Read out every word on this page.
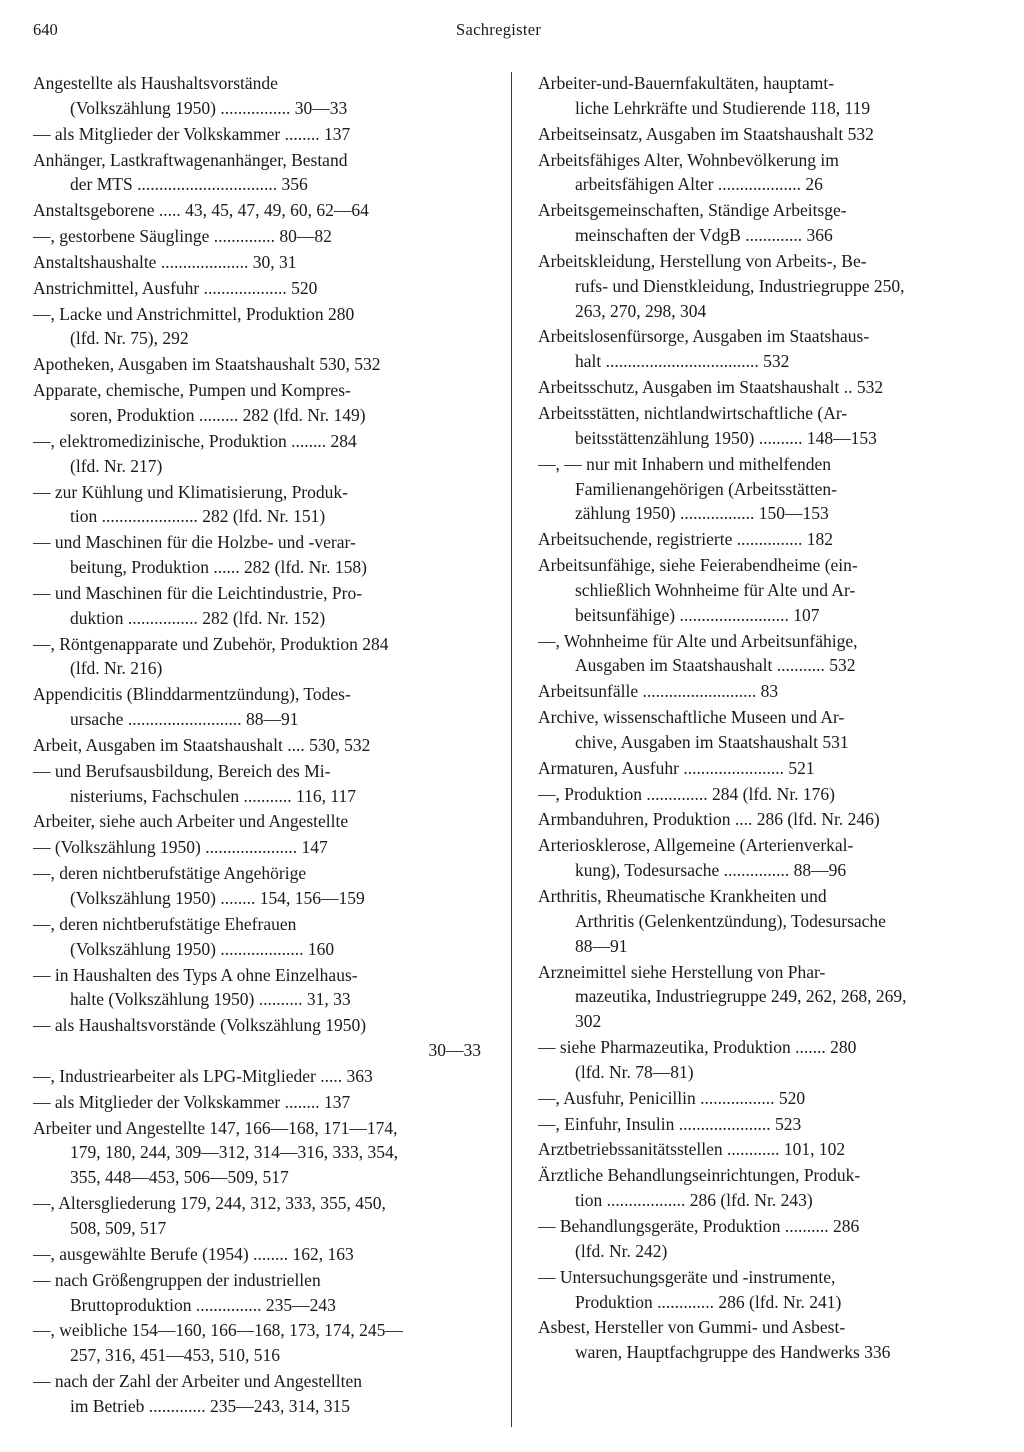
640	Sachregister
Angestellte als Haushaltsvorstände
(Volkszählung 1950) ................ 30—33
— als Mitglieder der Volkskammer ........ 137
Anhänger, Lastkraftwagenanhänger, Bestand
der MTS ................................ 356
Anstaltsgeborene ..... 43, 45, 47, 49, 60, 62—64
—, gestorbene Säuglinge .............. 80—82
Anstaltshaushalte .................... 30, 31
Anstrichmittel, Ausfuhr ................... 520
—, Lacke und Anstrichmittel, Produktion 280
(lfd. Nr. 75), 292
Apotheken, Ausgaben im Staatshaushalt 530, 532
Apparate, chemische, Pumpen und Kompres-
soren, Produktion ......... 282 (lfd. Nr. 149)
—, elektromedizinische, Produktion ........ 284
(lfd. Nr. 217)
— zur Kühlung und Klimatisierung, Produk-
tion ...................... 282 (lfd. Nr. 151)
— und Maschinen für die Holzbe- und -verar-
beitung, Produktion ...... 282 (lfd. Nr. 158)
— und Maschinen für die Leichtindustrie, Pro-
duktion ................ 282 (lfd. Nr. 152)
—, Röntgenapparate und Zubehör, Produktion 284
(lfd. Nr. 216)
Appendicitis (Blinddarmentzündung), Todes-
ursache .......................... 88—91
Arbeit, Ausgaben im Staatshaushalt .... 530, 532
— und Berufsausbildung, Bereich des Mi-
nisteriums, Fachschulen ........... 116, 117
Arbeiter, siehe auch Arbeiter und Angestellte
— (Volkszählung 1950) ..................... 147
—, deren nichtberufstätige Angehörige
(Volkszählung 1950) ........ 154, 156—159
—, deren nichtberufstätige Ehefrauen
(Volkszählung 1950) ................... 160
— in Haushalten des Typs A ohne Einzelhaus-
halte (Volkszählung 1950) .......... 31, 33
— als Haushaltsvorstände (Volkszählung 1950)
30—33
—, Industriearbeiter als LPG-Mitglieder ..... 363
— als Mitglieder der Volkskammer ........ 137
Arbeiter und Angestellte 147, 166—168, 171—174,
179, 180, 244, 309—312, 314—316, 333, 354,
355, 448—453, 506—509, 517
—, Altersgliederung 179, 244, 312, 333, 355, 450,
508, 509, 517
—, ausgewählte Berufe (1954) ........ 162, 163
— nach Größengruppen der industriellen
Bruttoproduktion ............... 235—243
—, weibliche 154—160, 166—168, 173, 174, 245—
257, 316, 451—453, 510, 516
— nach der Zahl der Arbeiter und Angestellten
im Betrieb ............. 235—243, 314, 315
Arbeiter-und-Bauernfakultäten, hauptamt-
liche Lehrkräfte und Studierende 118, 119
Arbeitseinsatz, Ausgaben im Staatshaushalt 532
Arbeitsfähiges Alter, Wohnbevölkerung im
arbeitsfähigen Alter ................... 26
Arbeitsgemeinschaften, Ständige Arbeitsge-
meinschaften der VdgB ............. 366
Arbeitskleidung, Herstellung von Arbeits-, Be-
rufs- und Dienstkleidung, Industriegruppe 250,
263, 270, 298, 304
Arbeitslosenfürsorge, Ausgaben im Staatshaus-
halt ................................... 532
Arbeitsschutz, Ausgaben im Staatshaushalt .. 532
Arbeitsstätten, nichtlandwirtschaftliche (Ar-
beitsstättenzählung 1950) .......... 148—153
—, — nur mit Inhabern und mithelfenden
Familienangehörigen (Arbeitsstätten-
zählung 1950) ................. 150—153
Arbeitsuchende, registrierte ............... 182
Arbeitsunfähige, siehe Feierabendheime (ein-
schließlich Wohnheime für Alte und Ar-
beitsunfähige) ......................... 107
—, Wohnheime für Alte und Arbeitsunfähige,
Ausgaben im Staatshaushalt ........... 532
Arbeitsunfälle .......................... 83
Archive, wissenschaftliche Museen und Ar-
chive, Ausgaben im Staatshaushalt 531
Armaturen, Ausfuhr ....................... 521
—, Produktion .............. 284 (lfd. Nr. 176)
Armbanduhren, Produktion .... 286 (lfd. Nr. 246)
Arteriosklerose, Allgemeine (Arterienverkal-
kung), Todesursache ............... 88—96
Arthritis, Rheumatische Krankheiten und
Arthritis (Gelenkentzündung), Todesursache
88—91
Arzneimittel siehe Herstellung von Phar-
mazeutika, Industriegruppe 249, 262, 268, 269,
302
— siehe Pharmazeutika, Produktion ....... 280
(lfd. Nr. 78—81)
—, Ausfuhr, Penicillin ................. 520
—, Einfuhr, Insulin ..................... 523
Arztbetriebssanitätsstellen ............ 101, 102
Ärztliche Behandlungseinrichtungen, Produk-
tion .................. 286 (lfd. Nr. 243)
— Behandlungsgeräte, Produktion .......... 286
(lfd. Nr. 242)
— Untersuchungsgeräte und -instrumente,
Produktion ............. 286 (lfd. Nr. 241)
Asbest, Hersteller von Gummi- und Asbest-
waren, Hauptfachgruppe des Handwerks 336
